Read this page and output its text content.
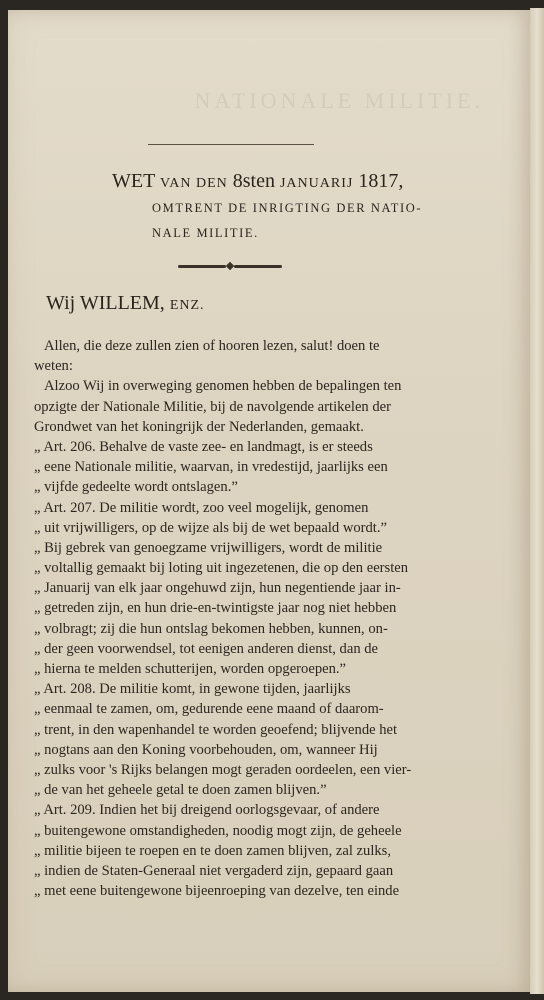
NATIONALE MILITIE.
WET VAN DEN 8sten JANUARIJ 1817,
OMTRENT DE INRIGTING DER NATIO-
NALE MILITIE.
Wij WILLEM, ENZ.
Allen, die deze zullen zien of hooren lezen, salut! doen te
weten:
Alzoo Wij in overweging genomen hebben de bepalingen ten
opzigte der Nationale Militie, bij de navolgende artikelen der
Grondwet van het koningrijk der Nederlanden, gemaakt.
„ Art. 206. Behalve de vaste zee- en landmagt, is er steeds
„ eene Nationale militie, waarvan, in vredestijd, jaarlijks een
„ vijfde gedeelte wordt ontslagen.”
„ Art. 207. De militie wordt, zoo veel mogelijk, genomen
„ uit vrijwilligers, op de wijze als bij de wet bepaald wordt.”
„ Bij gebrek van genoegzame vrijwilligers, wordt de militie
„ voltallig gemaakt bij loting uit ingezetenen, die op den eersten
„ Januarij van elk jaar ongehuwd zijn, hun negentiende jaar in-
„ getreden zijn, en hun drie-en-twintigste jaar nog niet hebben
„ volbragt; zij die hun ontslag bekomen hebben, kunnen, on-
„ der geen voorwendsel, tot eenigen anderen dienst, dan de
„ hierna te melden schutterijen, worden opgeroepen.”
„ Art. 208. De militie komt, in gewone tijden, jaarlijks
„ eenmaal te zamen, om, gedurende eene maand of daarom-
„ trent, in den wapenhandel te worden geoefend; blijvende het
„ nogtans aan den Koning voorbehouden, om, wanneer Hij
„ zulks voor 's Rijks belangen mogt geraden oordeelen, een vier-
„ de van het geheele getal te doen zamen blijven.”
„ Art. 209. Indien het bij dreigend oorlogsgevaar, of andere
„ buitengewone omstandigheden, noodig mogt zijn, de geheele
„ militie bijeen te roepen en te doen zamen blijven, zal zulks,
„ indien de Staten-Generaal niet vergaderd zijn, gepaard gaan
„ met eene buitengewone bijeenroeping van dezelve, ten einde
